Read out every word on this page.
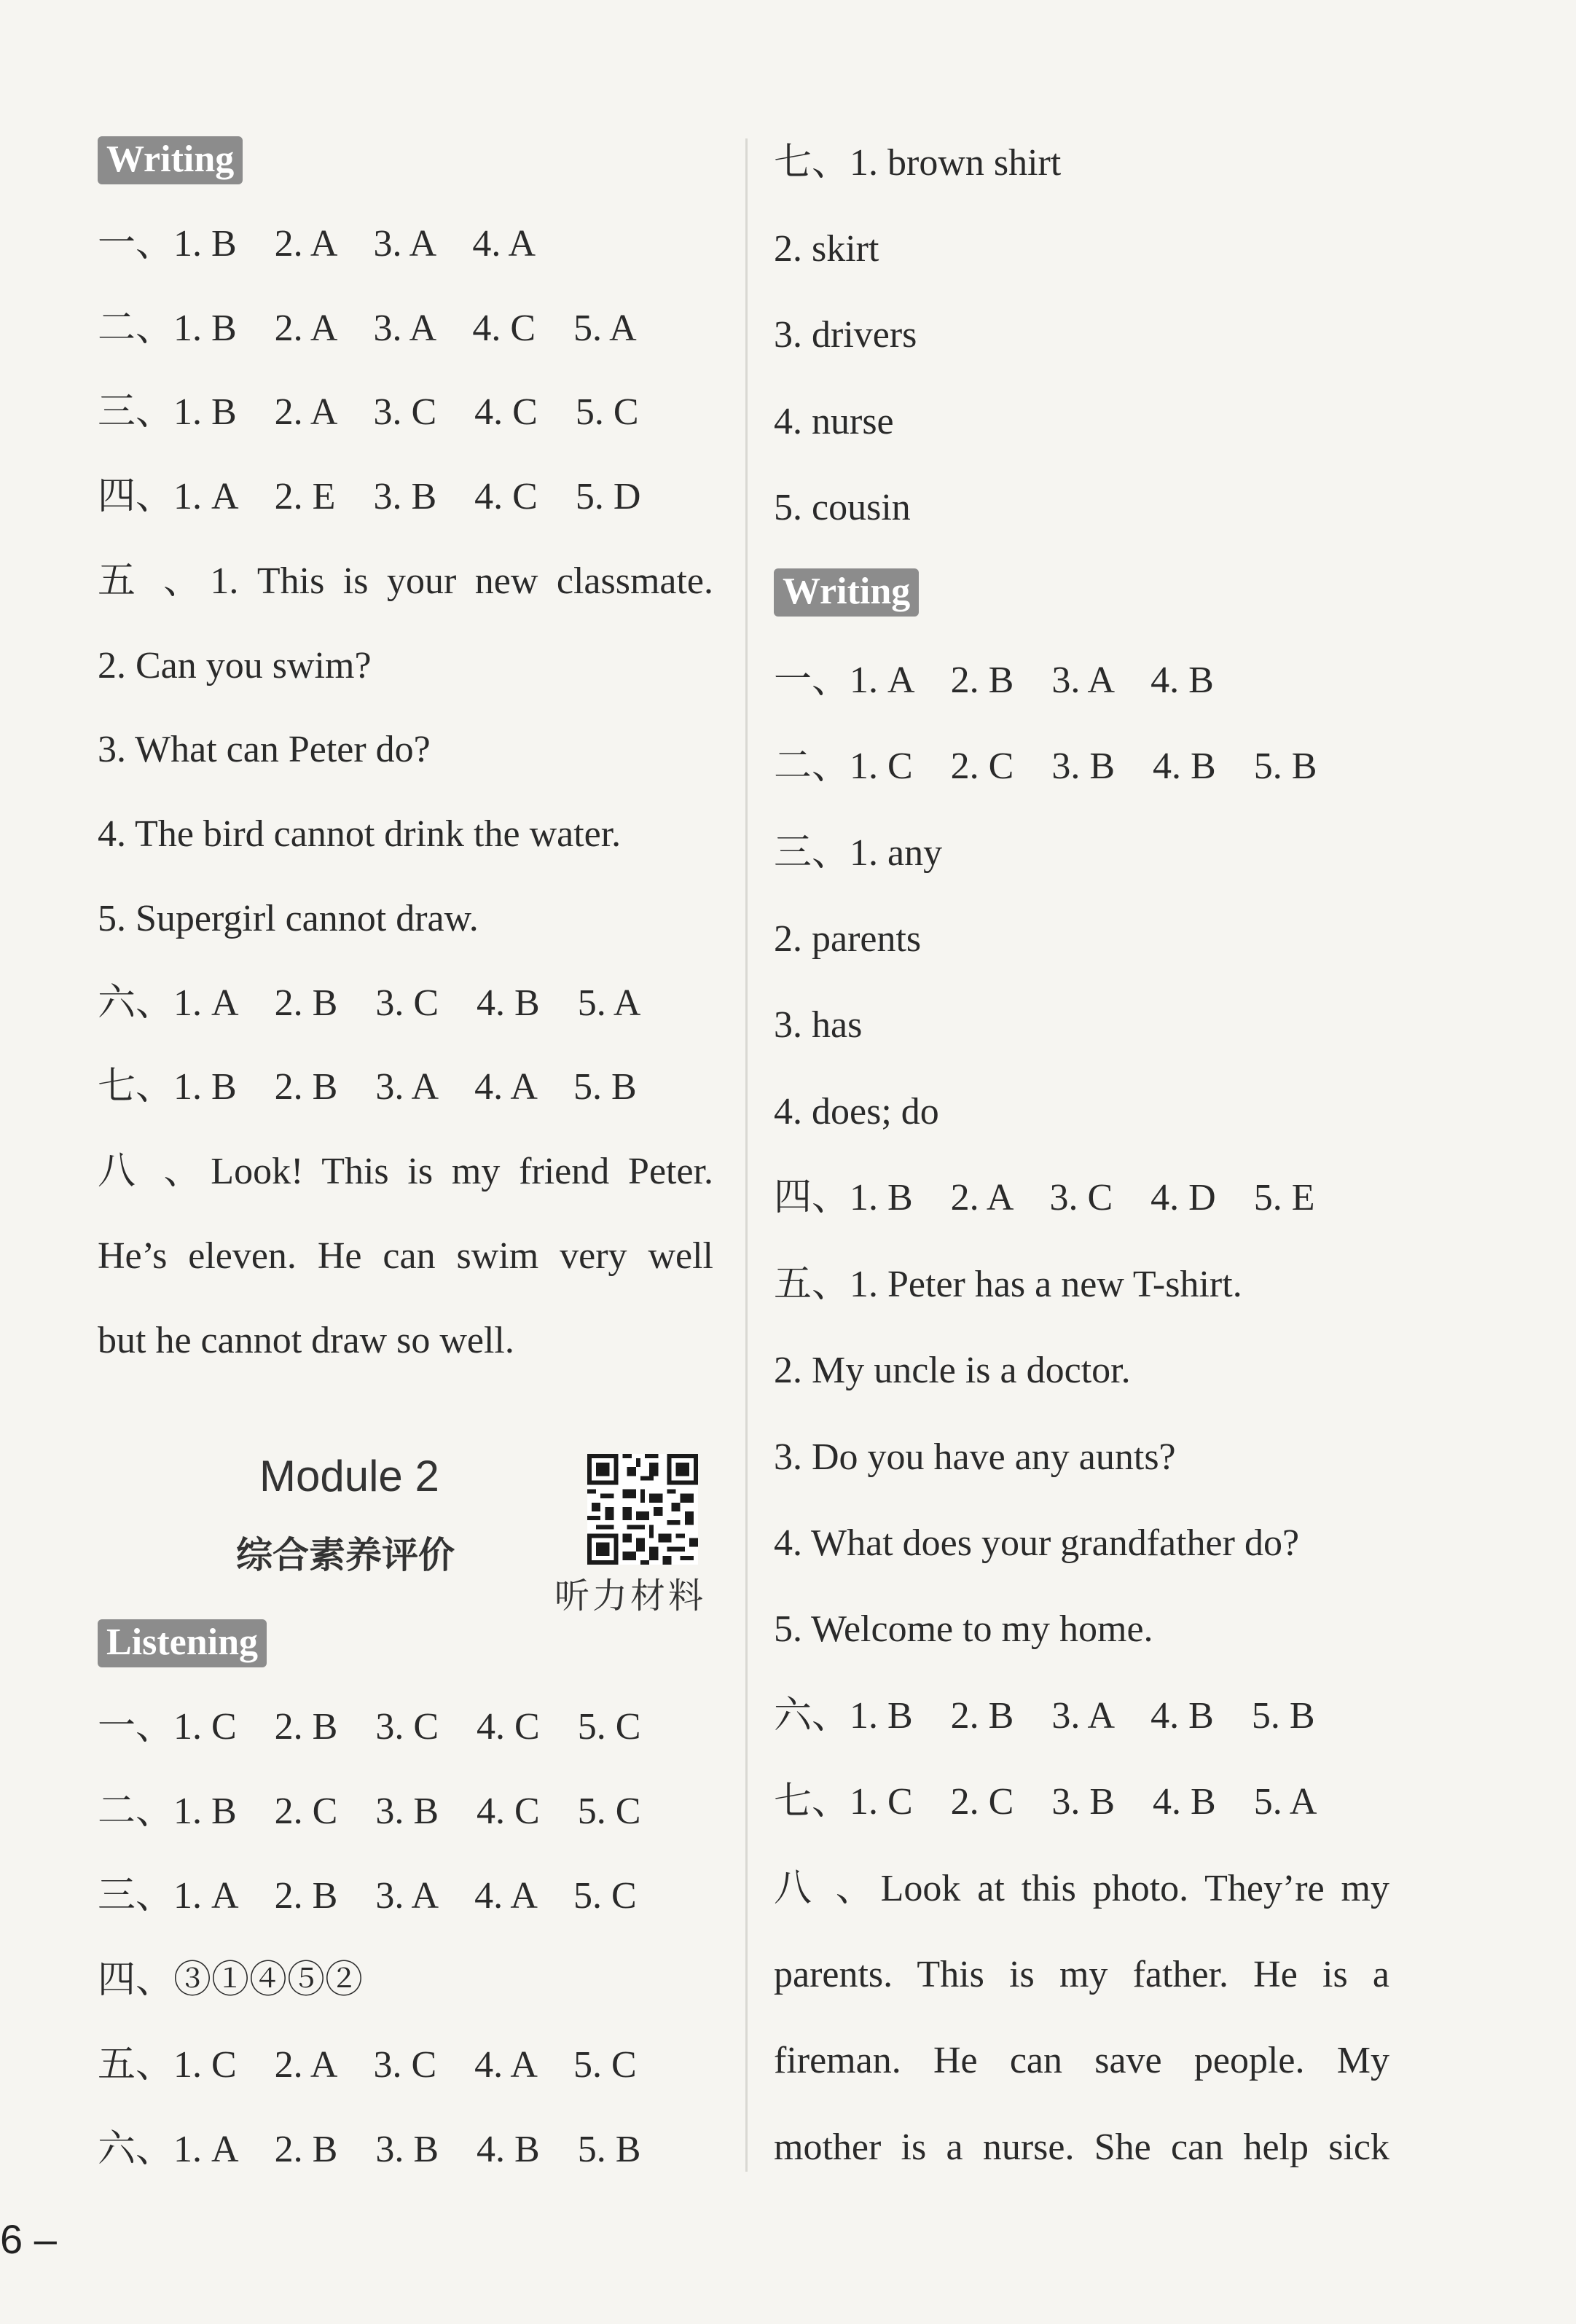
Writing
一、1. B　2. A　3. A　4. A
二、1. B　2. A　3. A　4. C　5. A
三、1. B　2. A　3. C　4. C　5. C
四、1. A　2. E　3. B　4. C　5. D
五 、1. This is your new classmate.
2. Can you swim?
3. What can Peter do?
4. The bird cannot drink the water.
5. Supergirl cannot draw.
六、1. A　2. B　3. C　4. B　5. A
七、1. B　2. B　3. A　4. A　5. B
八 、Look! This is my friend Peter.
He’s eleven. He can swim very well
but he cannot draw so well.
Module 2
综合素养评价
听力材料
Listening
一、1. C　2. B　3. C　4. C　5. C
二、1. B　2. C　3. B　4. C　5. C
三、1. A　2. B　3. A　4. A　5. C
四、③①④⑤②
五、1. C　2. A　3. C　4. A　5. C
六、1. A　2. B　3. B　4. B　5. B
七、1. brown shirt
2. skirt
3. drivers
4. nurse
5. cousin
Writing
一、1. A　2. B　3. A　4. B
二、1. C　2. C　3. B　4. B　5. B
三、1. any
2. parents
3. has
4. does; do
四、1. B　2. A　3. C　4. D　5. E
五、1. Peter has a new T-shirt.
2. My uncle is a doctor.
3. Do you have any aunts?
4. What does your grandfather do?
5. Welcome to my home.
六、1. B　2. B　3. A　4. B　5. B
七、1. C　2. C　3. B　4. B　5. A
八 、Look at this photo. They’re my
parents. This is my father. He is a
fireman. He can save people. My
mother is a nurse. She can help sick
6 –
